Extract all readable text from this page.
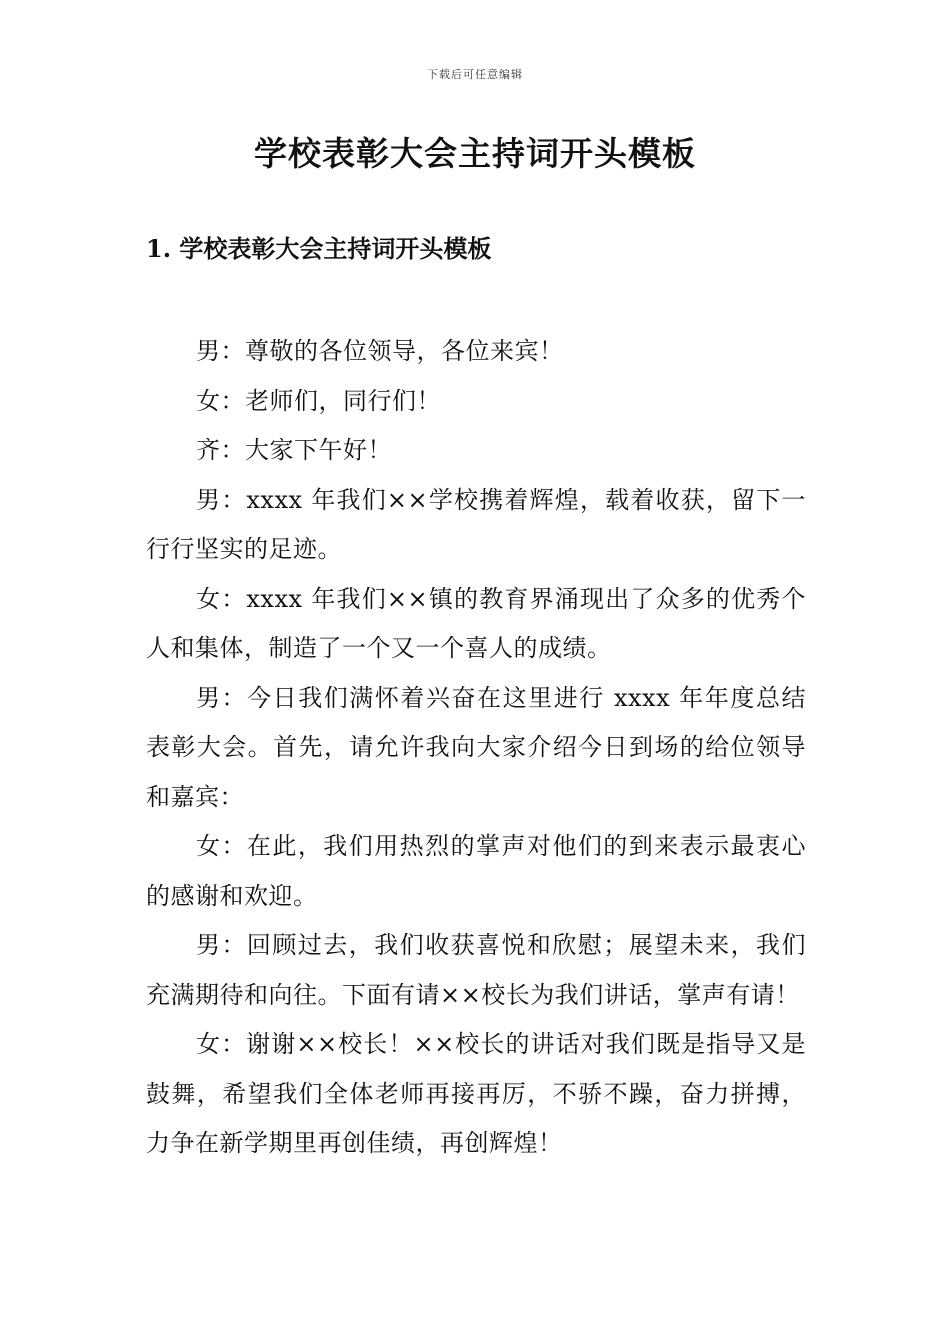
下载后可任意编辑
学校表彰大会主持词开头模板
1. 学校表彰大会主持词开头模板

男：尊敬的各位领导，各位来宾！

女：老师们，同行们！

齐：大家下午好！

男：xxxx 年我们××学校携着辉煌，载着收获，留下一行行坚实的足迹。

女：xxxx 年我们××镇的教育界涌现出了众多的优秀个人和集体，制造了一个又一个喜人的成绩。

男：今日我们满怀着兴奋在这里进行 xxxx 年年度总结表彰大会。首先，请允许我向大家介绍今日到场的给位领导和嘉宾：

女：在此，我们用热烈的掌声对他们的到来表示最衷心的感谢和欢迎。

男：回顾过去，我们收获喜悦和欣慰；展望未来，我们充满期待和向往。下面有请××校长为我们讲话，掌声有请！

女：谢谢××校长！××校长的讲话对我们既是指导又是鼓舞，希望我们全体老师再接再厉，不骄不躁，奋力拼搏，力争在新学期里再创佳绩，再创辉煌！
